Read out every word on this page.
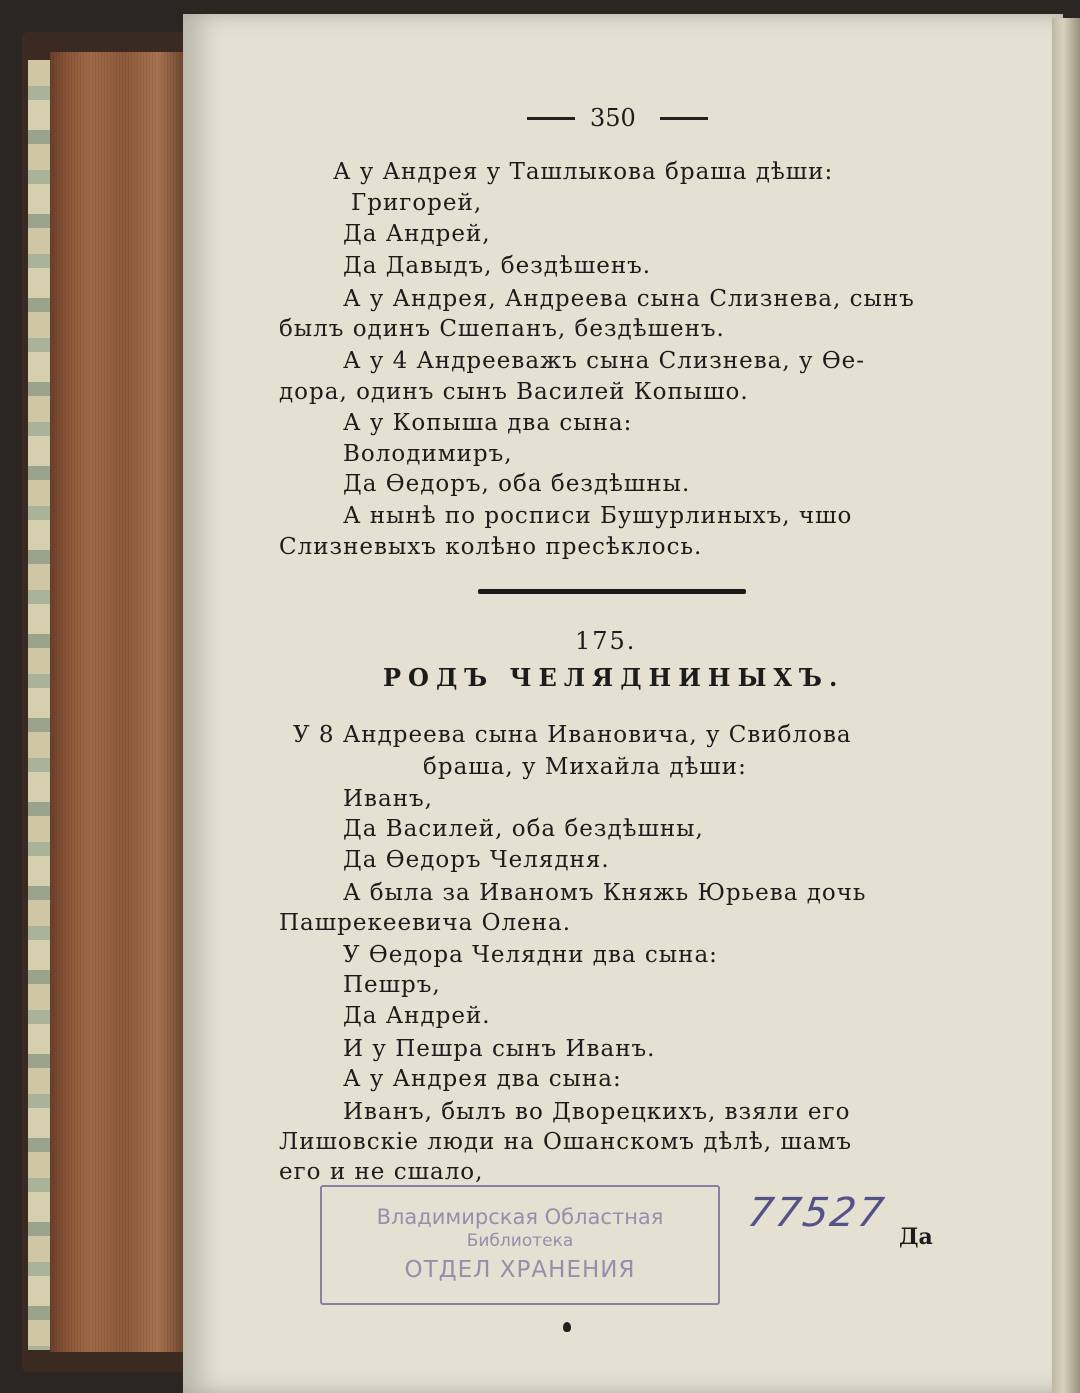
350
А у Андрея у Ташлыкова браша дѣши:
Григорей,
Да Андрей,
Да Давыдъ, бездѣшенъ.
А у Андрея, Андреева сына Слизнева, сынъ
былъ одинъ Сшепанъ, бездѣшенъ.
А у 4 Андрееважъ сына Слизнева, у Ѳе-
дора, одинъ сынъ Василей Копышо.
А у Копыша два сына:
Володимиръ,
Да Ѳедоръ, оба бездѣшны.
А нынѣ по росписи Бушурлиныхъ, чшо
Слизневыхъ колѣно пресѣклось.
175.
РОДЪ ЧЕЛЯДНИНЫХЪ.
У 8 Андреева сына Ивановича, у Свиблова
браша, у Михайла дѣши:
Иванъ,
Да Василей, оба бездѣшны,
Да Ѳедоръ Челядня.
А была за Ивано​мъ Княжь Юрьева дочь
Пашрекеевича Олена.
У Ѳедора Челядни два сына:
Пешръ,
Да Андрей.
И у Пешра сынъ Иванъ.
А у Андрея два сына:
Иванъ, былъ во Дворецкихъ, взяли его
Лишовскiе люди на Ошанскомъ дѣлѣ, шамъ
его и не сшало,
Владимирская Областная
Библиотека
ОТДЕЛ ХРАНЕНИЯ
77527
Да
